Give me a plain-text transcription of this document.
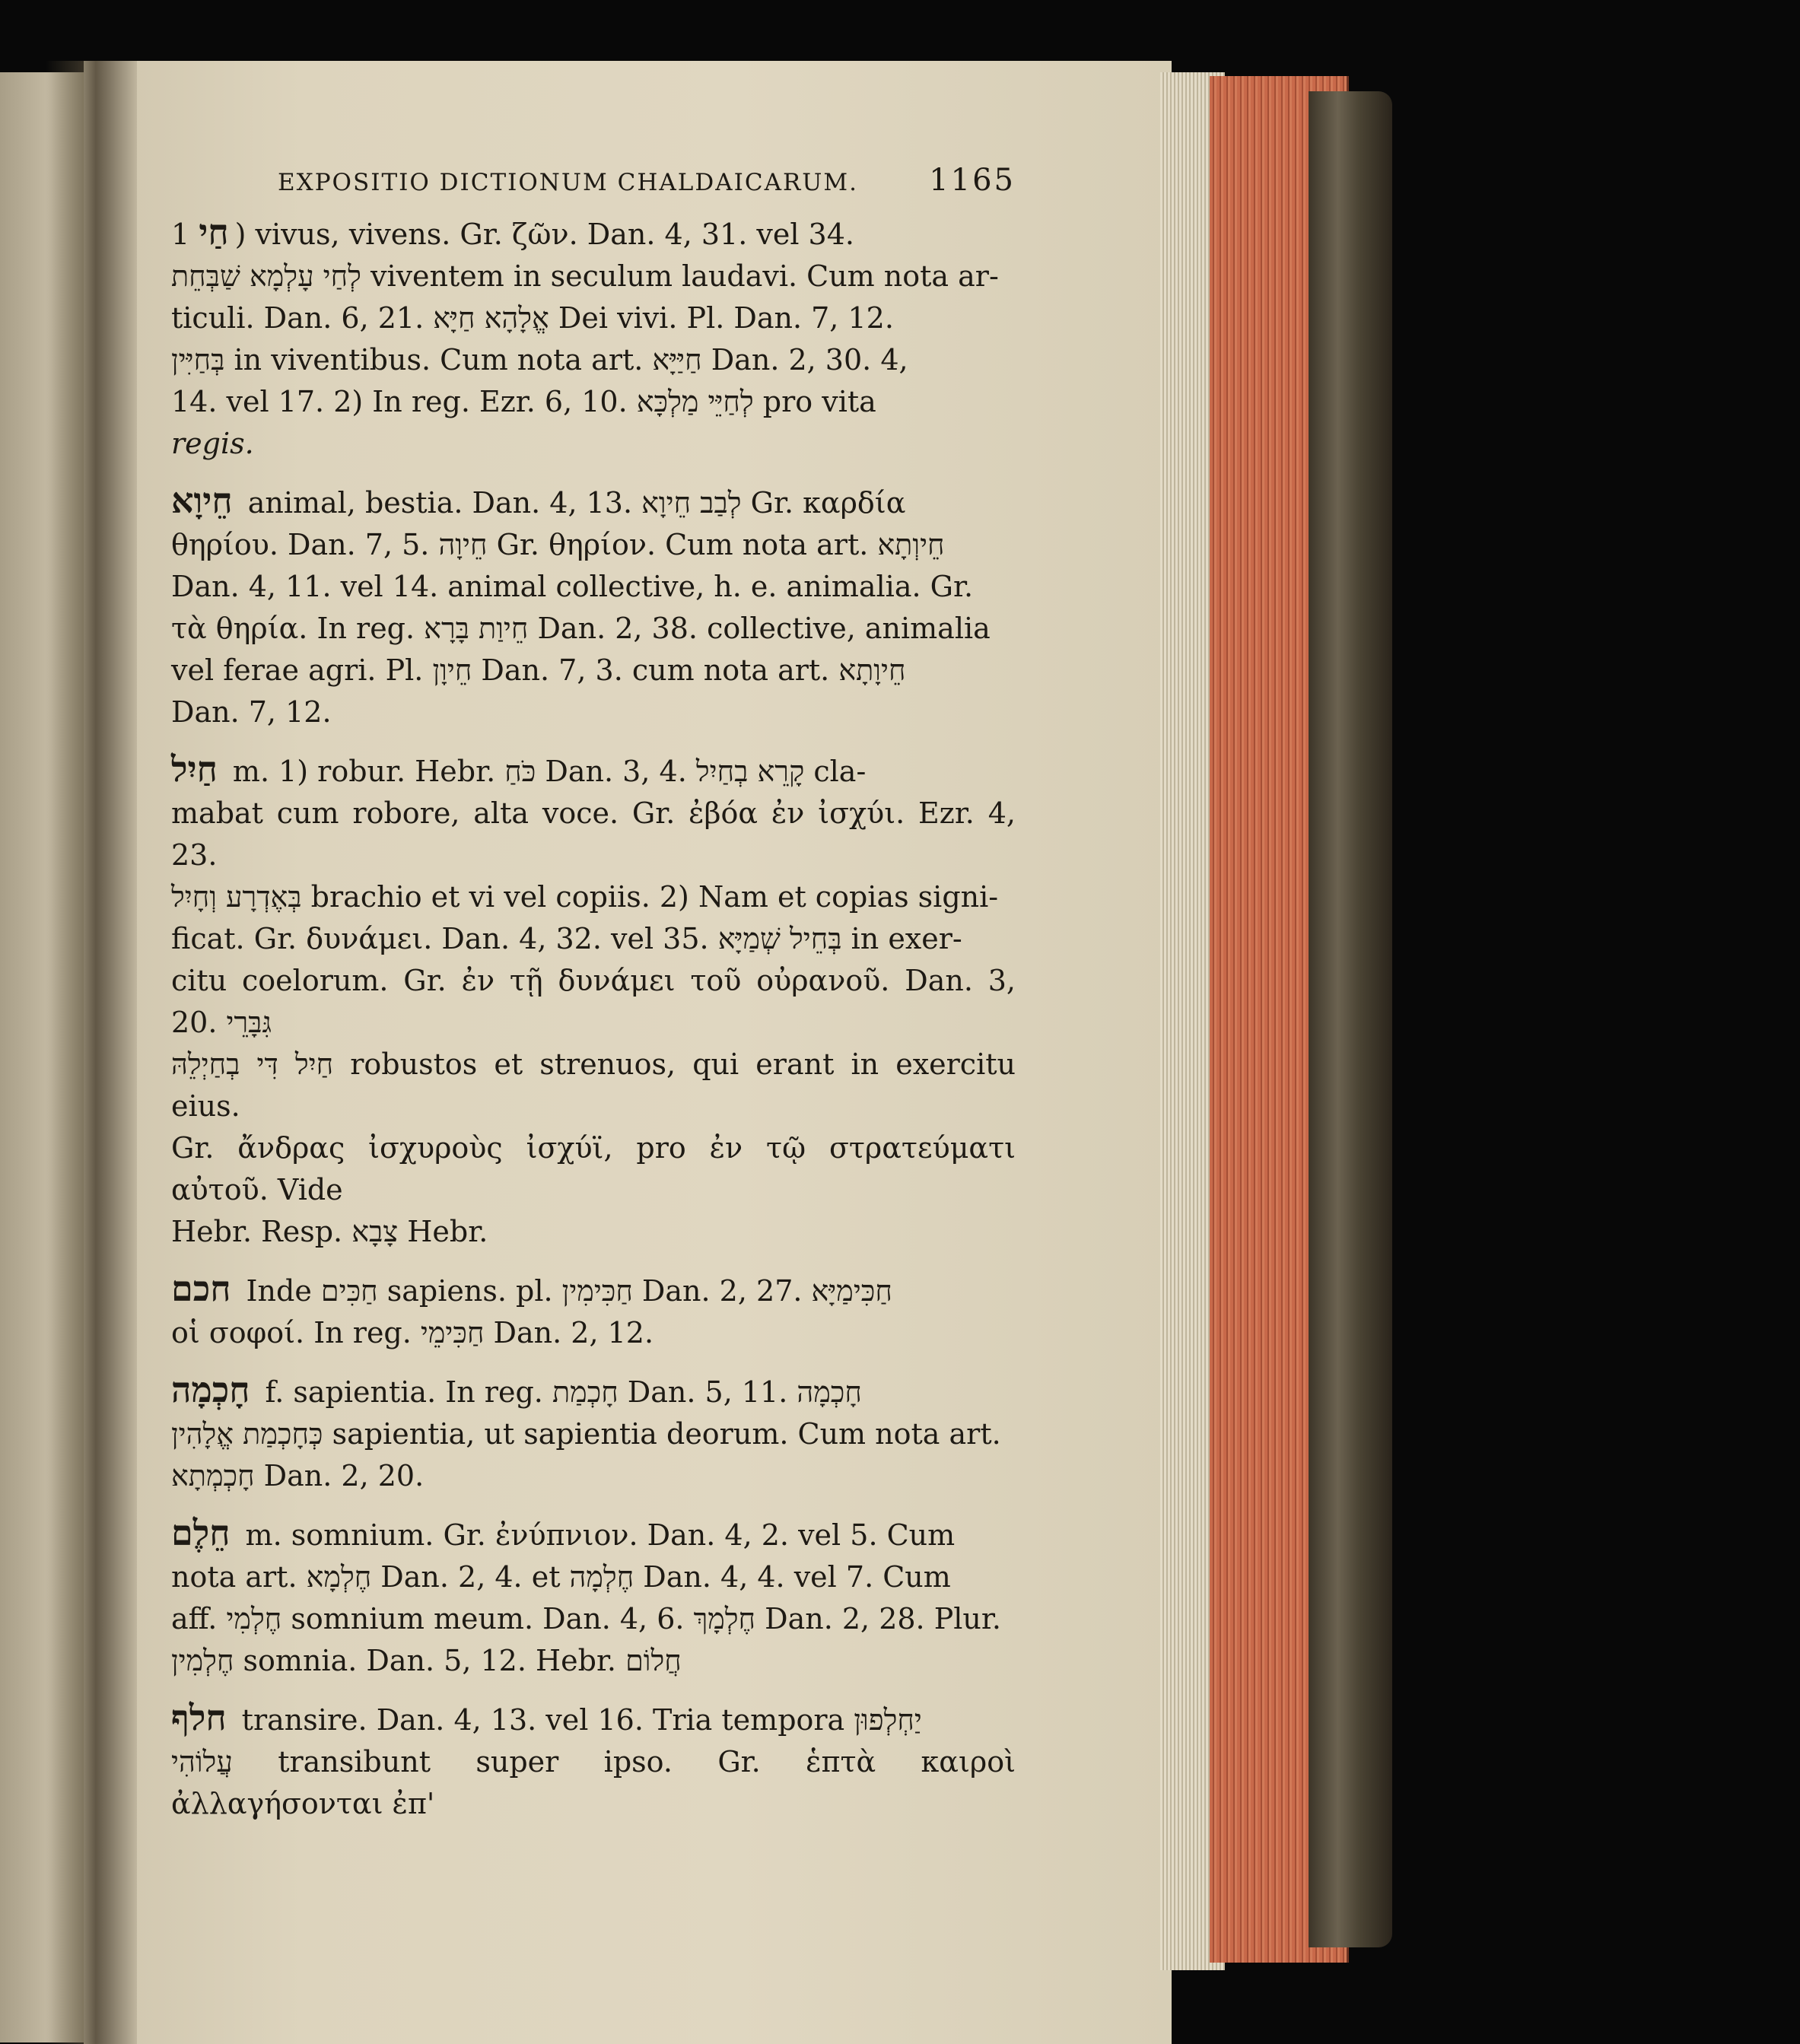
EXPOSITIO DICTIONUM CHALDAICARUM. 1165

חַי 1) vivus, vivens. Gr. ζῶν. Dan. 4, 31. vel 34.

לְחַי עָלְמָא שַׁבְּחֵת viventem in seculum laudavi. Cum nota ar-

ticuli. Dan. 6, 21. אֱלָהָא חַיָּא Dei vivi. Pl. Dan. 7, 12.

בְּחַיִּין in viventibus. Cum nota art. חַיַּיָּא Dan. 2, 30. 4,

14. vel 17. 2) In reg. Ezr. 6, 10. לְחַיֵּי מַלְכָּא pro vita

regis.

חֵיוָא animal, bestia. Dan. 4, 13. לְבַב חֵיוָא Gr. καρδία

θηρίου. Dan. 7, 5. חֵיוָה Gr. θηρίον. Cum nota art. חֵיוְתָא

Dan. 4, 11. vel 14. animal collective, h. e. animalia. Gr.

τὰ θηρία. In reg. חֵיוַת בָּרָא Dan. 2, 38. collective, animalia

vel ferae agri. Pl. חֵיוָן Dan. 7, 3. cum nota art. חֵיוָתָא

Dan. 7, 12.

חַיִל m. 1) robur. Hebr. כֹּחַ Dan. 3, 4. קָרֵא בְחַיִל cla-

mabat cum robore, alta voce. Gr. ἐβόα ἐν ἰσχύι. Ezr. 4, 23.

בְּאֶדְרָע וְחָיִל brachio et vi vel copiis. 2) Nam et copias signi-

ficat. Gr. δυνάμει. Dan. 4, 32. vel 35. בְּחֵיל שְׁמַיָּא in exer-

citu coelorum. Gr. ἐν τῇ δυνάμει τοῦ οὐρανοῦ. Dan. 3, 20. גִּבָּרֵי

חַיִל דִּי בְחַיְלֵהּ robustos et strenuos, qui erant in exercitu eius.

Gr. ἄνδρας ἰσχυροὺς ἰσχύϊ, pro ἐν τῷ στρατεύματι αὐτοῦ. Vide

Hebr. Resp. צָבָא Hebr.

חכם Inde חַכִּים sapiens. pl. חַכִּימִין Dan. 2, 27. חַכִּימַיָּא

οἱ σοφοί. In reg. חַכִּימֵי Dan. 2, 12.

חָכְמָה f. sapientia. In reg. חָכְמַת Dan. 5, 11. חָכְמָה

כְּחָכְמַת אֱלָהִין sapientia, ut sapientia deorum. Cum nota art.

חָכְמְתָא Dan. 2, 20.

חֵלֶם m. somnium. Gr. ἐνύπνιον. Dan. 4, 2. vel 5. Cum

nota art. חֶלְמָא Dan. 2, 4. et חֶלְמָה Dan. 4, 4. vel 7. Cum

aff. חֶלְמִי somnium meum. Dan. 4, 6. חֶלְמָךְ Dan. 2, 28. Plur.

חֶלְמִין somnia. Dan. 5, 12. Hebr. חֲלוֹם

חלף transire. Dan. 4, 13. vel 16. Tria tempora יַחְלְפוּן

עֲלוֹהִי transibunt super ipso. Gr. ἑπτὰ καιροὶ ἀλλαγήσονται ἐπ'
